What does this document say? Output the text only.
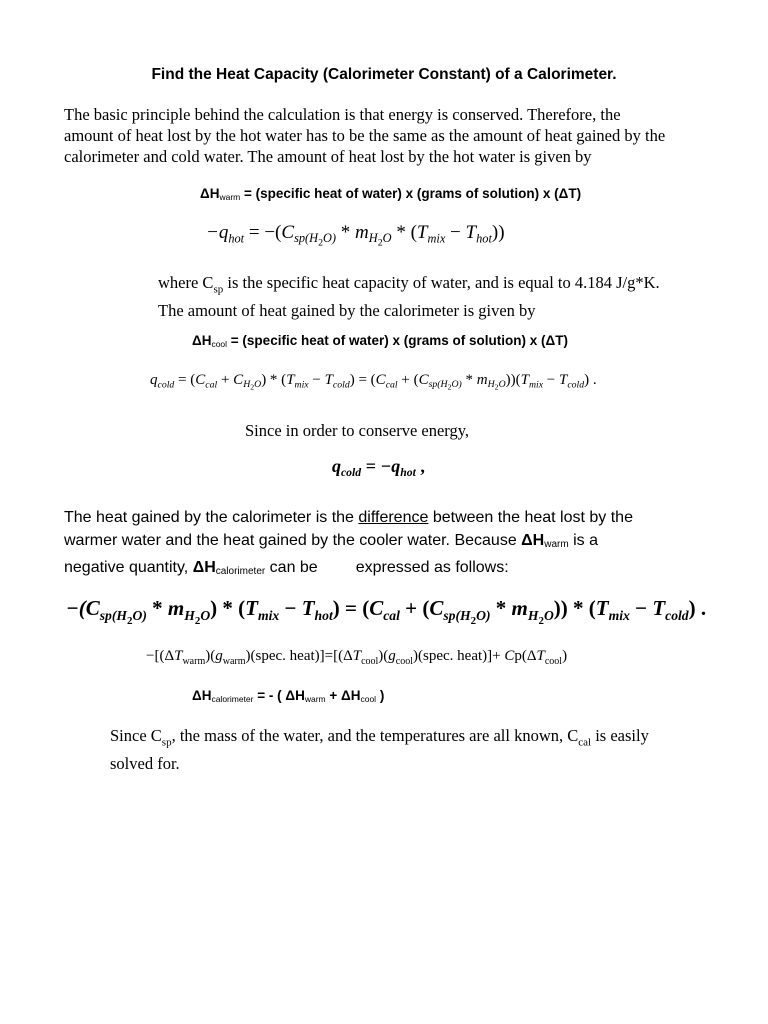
Find the Heat Capacity (Calorimeter Constant) of a Calorimeter.
The basic principle behind the calculation is that energy is conserved. Therefore, the
amount of heat lost by the hot water has to be the same as the amount of heat gained by the
calorimeter and cold water. The amount of heat lost by the hot water is given by
$\Delta H_{warm}$ = (specific heat of water) x (grams of solution) x (ΔT)
$-q_{hot} = -(C_{sp(H_2O)} * m_{H_2O} * (T_{mix} - T_{hot}))$
where $C_{sp}$ is the specific heat capacity of water, and is equal to 4.184 J/g*K.
The amount of heat gained by the calorimeter is given by
$\Delta H_{cool}$ = (specific heat of water) x (grams of solution) x (ΔT)
$q_{cold} = (C_{cal} + C_{H_2O}) * (T_{mix} - T_{cold}) = (C_{cal} + (C_{sp(H_2O)} * m_{H_2O}))(T_{mix} - T_{cold})$ .
Since in order to conserve energy,
$q_{cold} = -q_{hot}$ ,
The heat gained by the calorimeter is the difference between the heat lost by the
warmer water and the heat gained by the cooler water. Because $\Delta H_{warm}$ is a
negative quantity, $\Delta H_{calorimeter}$ can be expressed as follows:
$-(C_{sp(H_2O)} * m_{H_2O}) * (T_{mix} - T_{hot}) = (C_{cal} + (C_{sp(H_2O)} * m_{H_2O})) * (T_{mix} - T_{cold})$ .
$-[(\Delta T_{warm})(g_{warm})(spec$. $heat)]=[(\Delta T_{cool})(g_{cool})(spec$. heat)]+ $Cp(\Delta T_{cool})$
$\Delta H_{calorimeter}$ = - ( $\Delta H_{warm} + \Delta H_{cool}$ )
Since $C_{sp}$, the mass of the water, and the temperatures are all known, $C_{cal}$ is easily
solved for.
